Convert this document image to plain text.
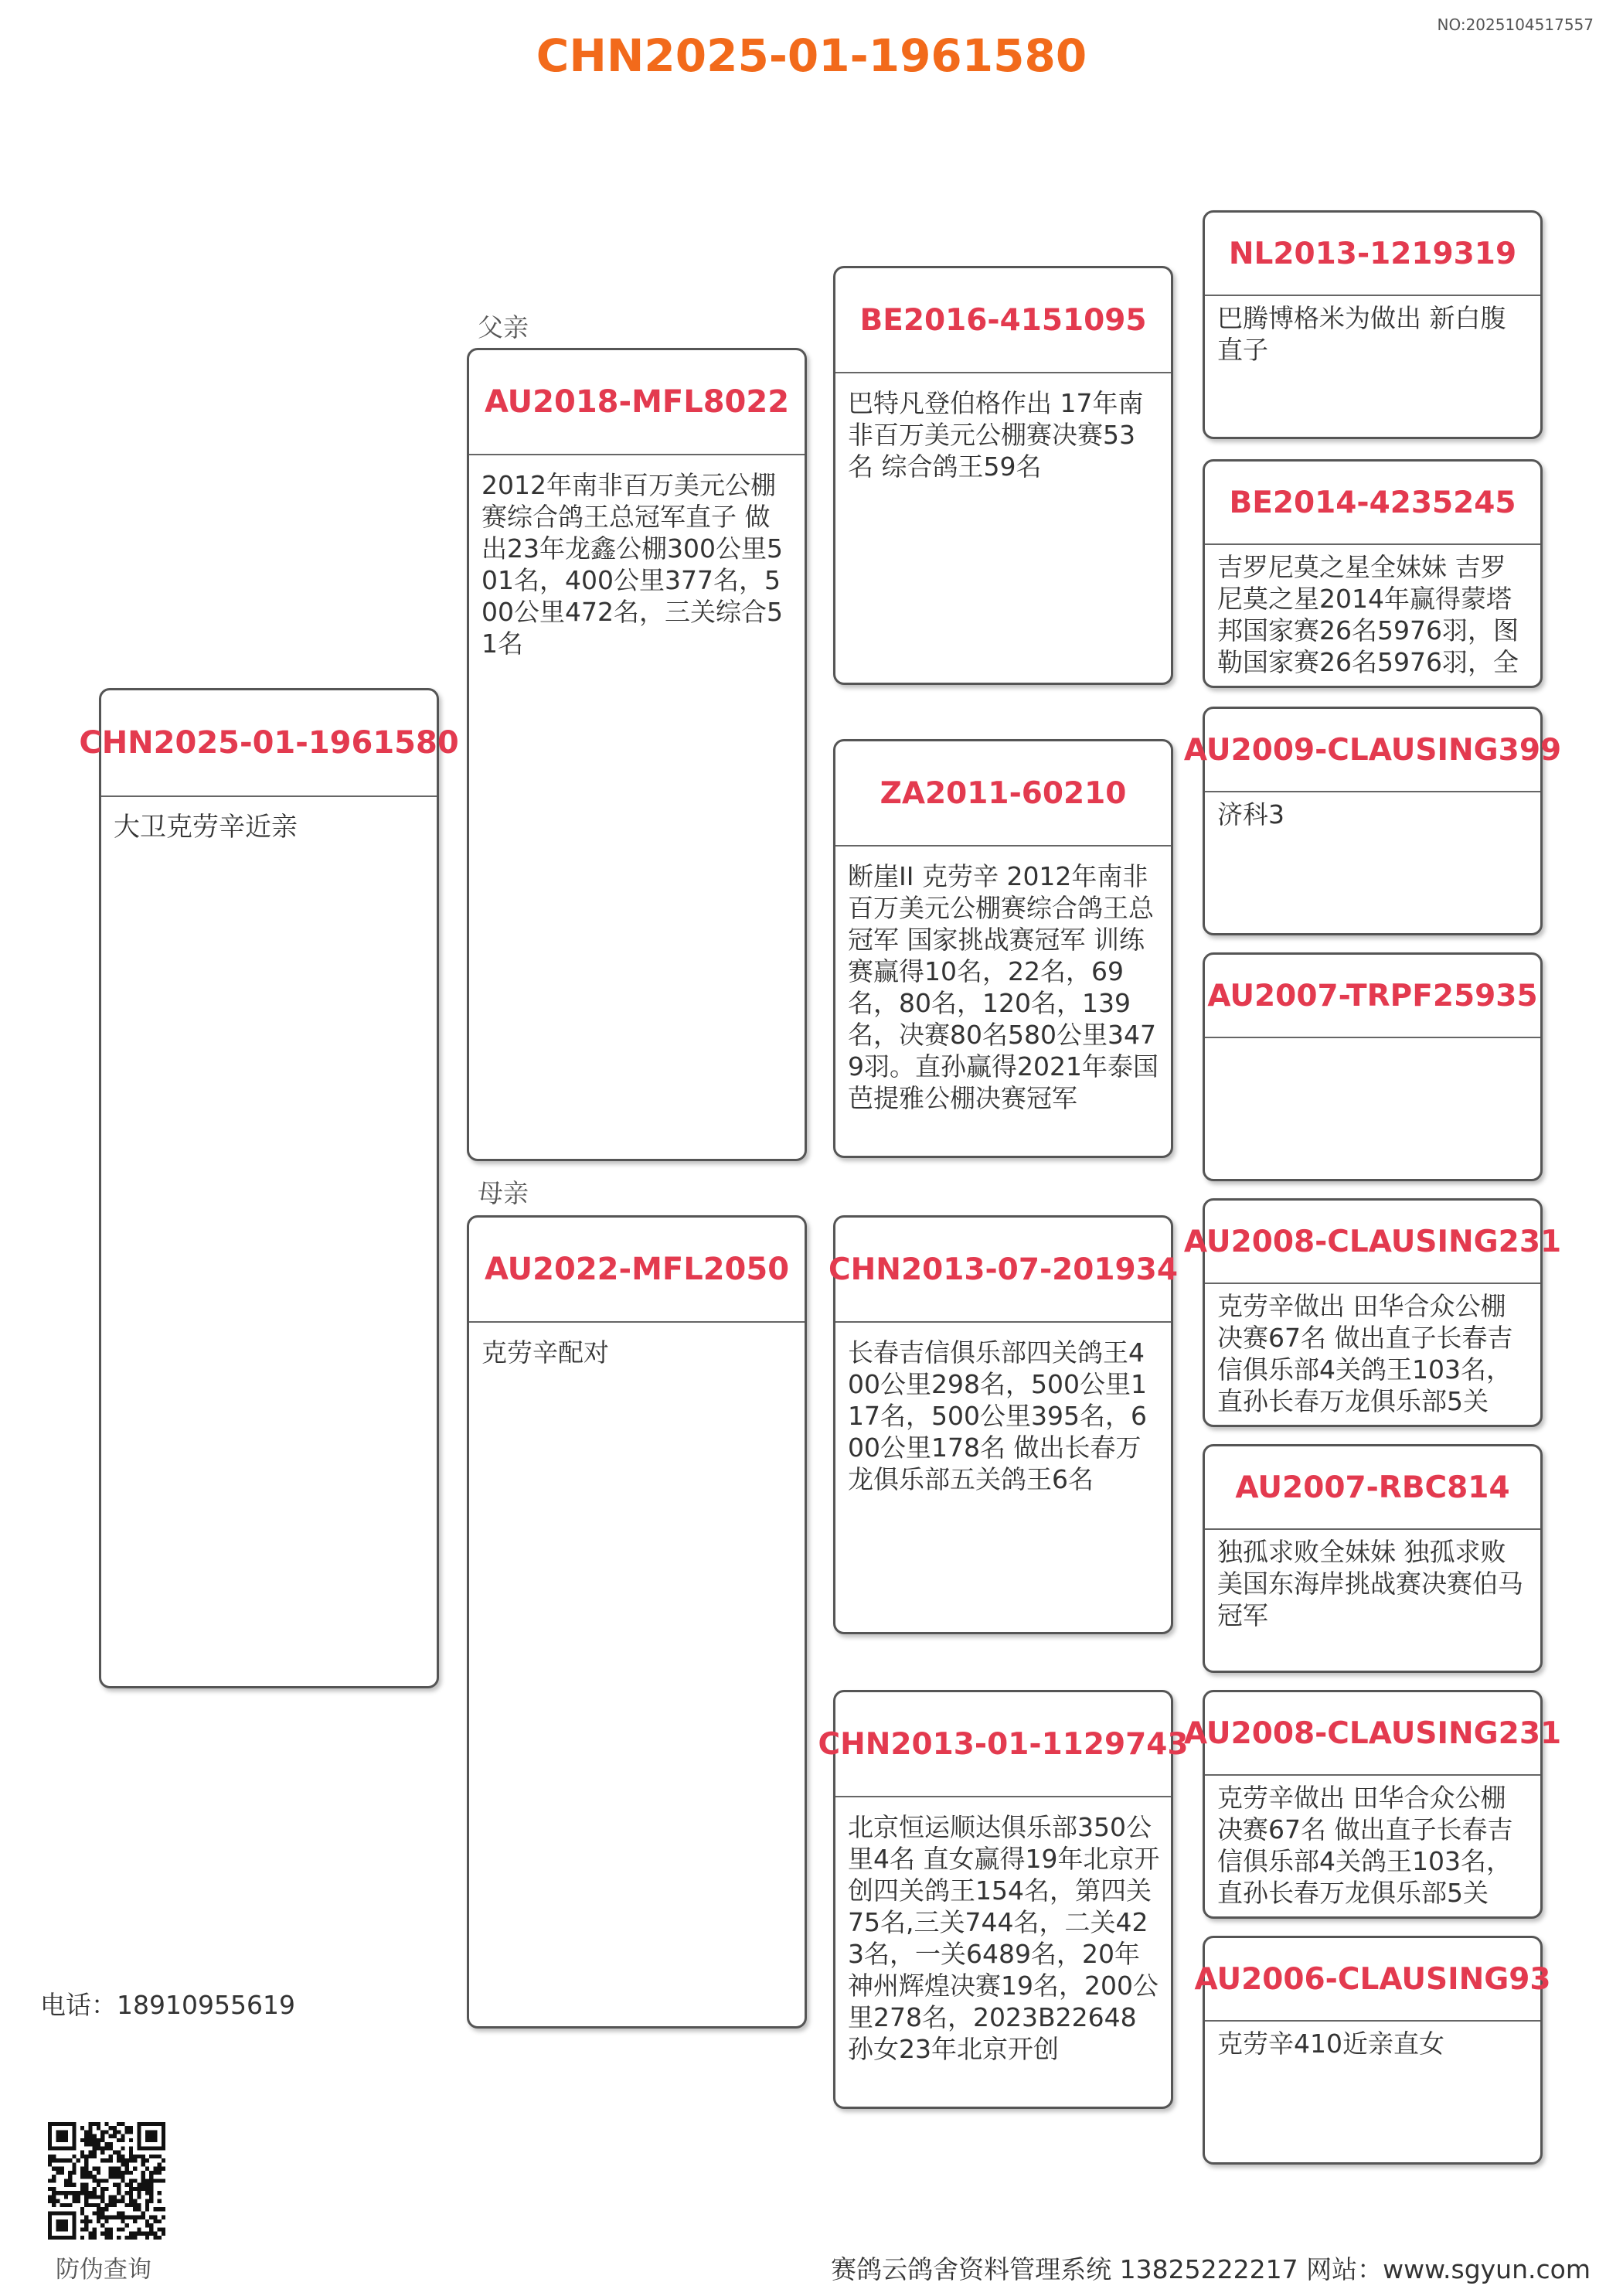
NO:20251045175​57
CHN2025-01-1961580
CHN2025-01-1961580
大卫克劳辛近亲
父亲
AU2018-MFL8022
2012年南非百万美元公棚赛综合鸽王总冠军直子 做出23年龙鑫公棚300公里501名，400公里377名，500公里472名，三关综合51名
母亲
AU2022-MFL2050
克劳辛配对
BE2016-4151095
巴特凡登伯格作出 17年南非百万美元公棚赛决赛53名 综合鸽王59名
ZA2011-60210
断崖II 克劳辛 2012年南非百万美元公棚赛综合鸽王总冠军 国家挑战赛冠军 训练赛赢得10名，22名，69名，80名，120名，139名，决赛80名580公里3479羽。直孙赢得2021年泰国芭提雅公棚决赛冠军
CHN2013-07-201934
长春吉信俱乐部四关鸽王400公里298名，500公里117名，500公里395名，600公里178名 做出长春万龙俱乐部五关鸽王6名
CHN2013-01-1129743
北京恒运顺达俱乐部350公里4名 直女赢得19年北京开创四关鸽王154名，第四关75名,三关744名，二关423名，一关6489名，20年神州辉煌决赛19名，200公里278名，2023B22648 孙女23年北京开创
NL2013-1219319
巴腾博格米为做出 新白腹直子
BE2014-4235245
吉罗尼莫之星全妹妹 吉罗尼莫之星2014年赢得蒙塔邦国家赛26名5976羽，图勒国家赛26名5976羽，全
AU2009-CLAUSING399
济科3
AU2007-TRPF25935
AU2008-CLAUSING231
克劳辛做出 田华合众公棚决赛67名 做出直子长春吉信俱乐部4关鸽王103名，直孙长春万龙俱乐部5关
AU2007-RBC814
独孤求败全妹妹 独孤求败美国东海岸挑战赛决赛伯马冠军
AU2008-CLAUSING231
克劳辛做出 田华合众公棚决赛67名 做出直子长春吉信俱乐部4关鸽王103名，直孙长春万龙俱乐部5关
AU2006-CLAUSING93
克劳辛410近亲直女
电话：18910955619
防伪查询	赛鸽云鸽舍资料管理系统 13825222217 网站：www.sgyun.com
